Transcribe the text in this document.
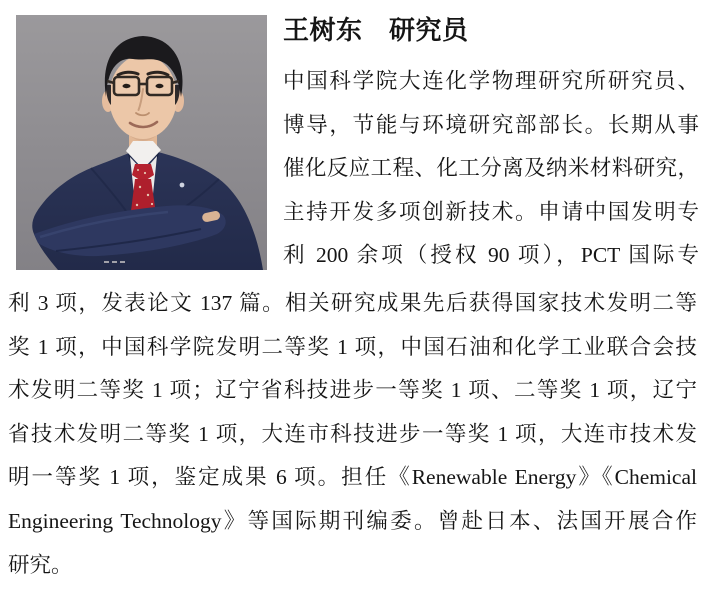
王树东　研究员
中国科学院大连化学物理研究所研究员、
博导，节能与环境研究部部长。长期从事
催化反应工程、化工分离及纳米材料研究，
主持开发多项创新技术。申请中国发明专
利 200 余项（授权 90 项），PCT 国际专
利 3 项，发表论文 137 篇。相关研究成果先后获得国家技术发明二等
奖 1 项，中国科学院发明二等奖 1 项，中国石油和化学工业联合会技
术发明二等奖 1 项；辽宁省科技进步一等奖 1 项、二等奖 1 项，辽宁
省技术发明二等奖 1 项，大连市科技进步一等奖 1 项，大连市技术发
明一等奖 1 项，鉴定成果 6 项。担任《Renewable Energy》《Chemical
Engineering Technology》等国际期刊编委。曾赴日本、法国开展合作
研究。
